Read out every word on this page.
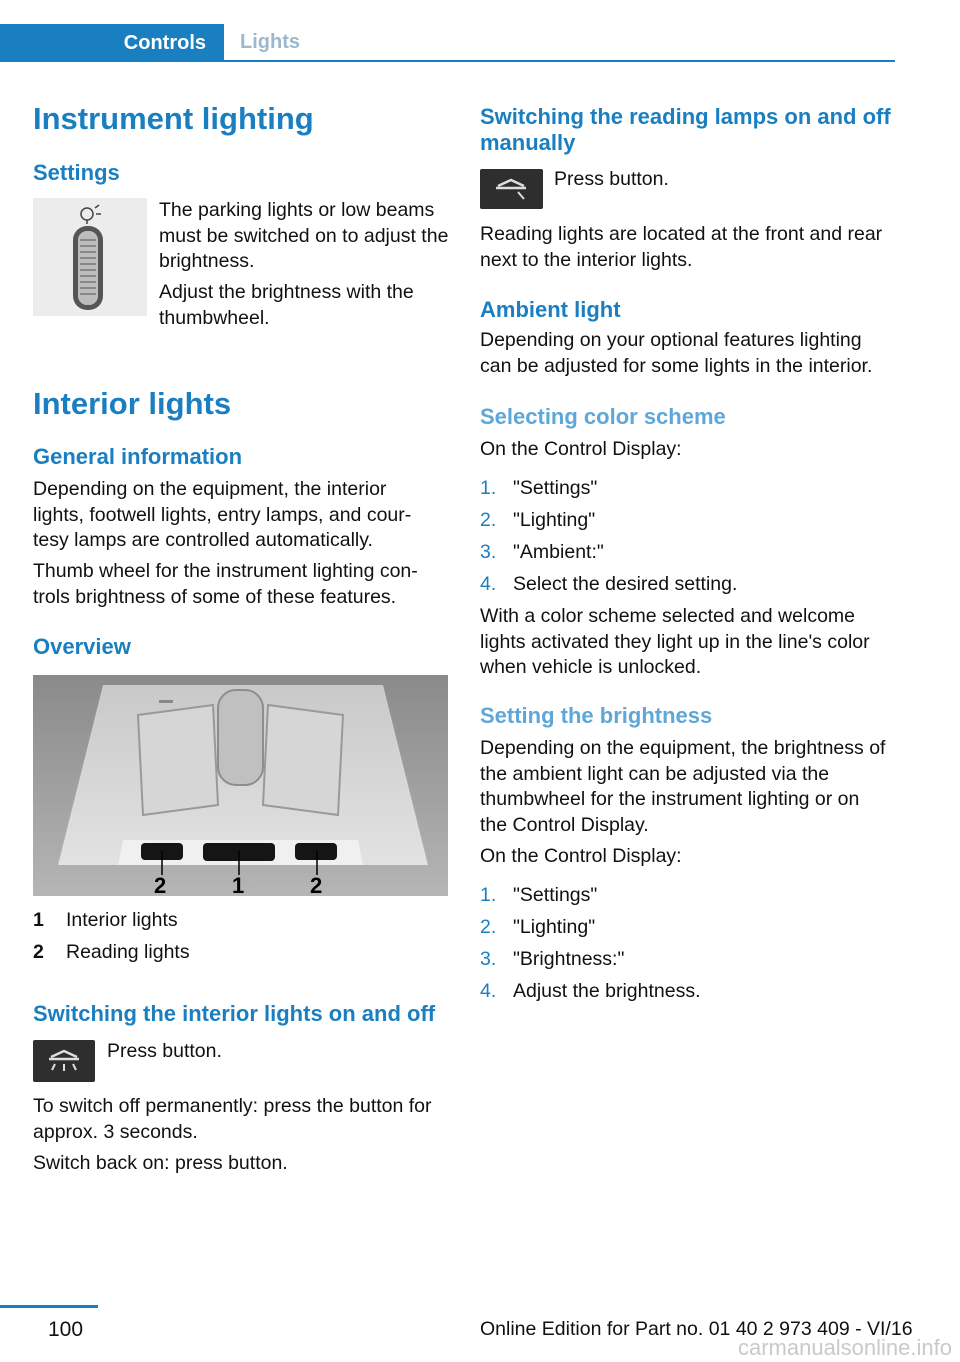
Controls Lights
Instrument lighting
Settings

The parking lights or low beams must be switched on to adjust the brightness.

Adjust the brightness with the thumbwheel.

Interior lights
General information

Depending on the equipment, the interior lights, footwell lights, entry lamps, and cour‐tesy lamps are controlled automatically.

Thumb wheel for the instrument lighting con‐trols brightness of some of these features.

Overview
2	1	2
1 Interior lights
2 Reading lights
Switching the interior lights on and off

Press button.

To switch off permanently: press the button for approx. 3 seconds.

Switch back on: press button.

Switching the reading lamps on and off manually

Press button.

Reading lights are located at the front and rear next to the interior lights.

Ambient light

Depending on your optional features lighting can be adjusted for some lights in the interior.

Selecting color scheme

On the Control Display:

1. "Settings"
2. "Lighting"
3. "Ambient:"
4. Select the desired setting.

With a color scheme selected and welcome lights activated they light up in the line's color when vehicle is unlocked.

Setting the brightness

Depending on the equipment, the brightness of the ambient light can be adjusted via the thumbwheel for the instrument lighting or on the Control Display.

On the Control Display:

1. "Settings"
2. "Lighting"
3. "Brightness:"
4. Adjust the brightness.
100	Online Edition for Part no. 01 40 2 973 409 - VI/16
carmanualsonline.info
